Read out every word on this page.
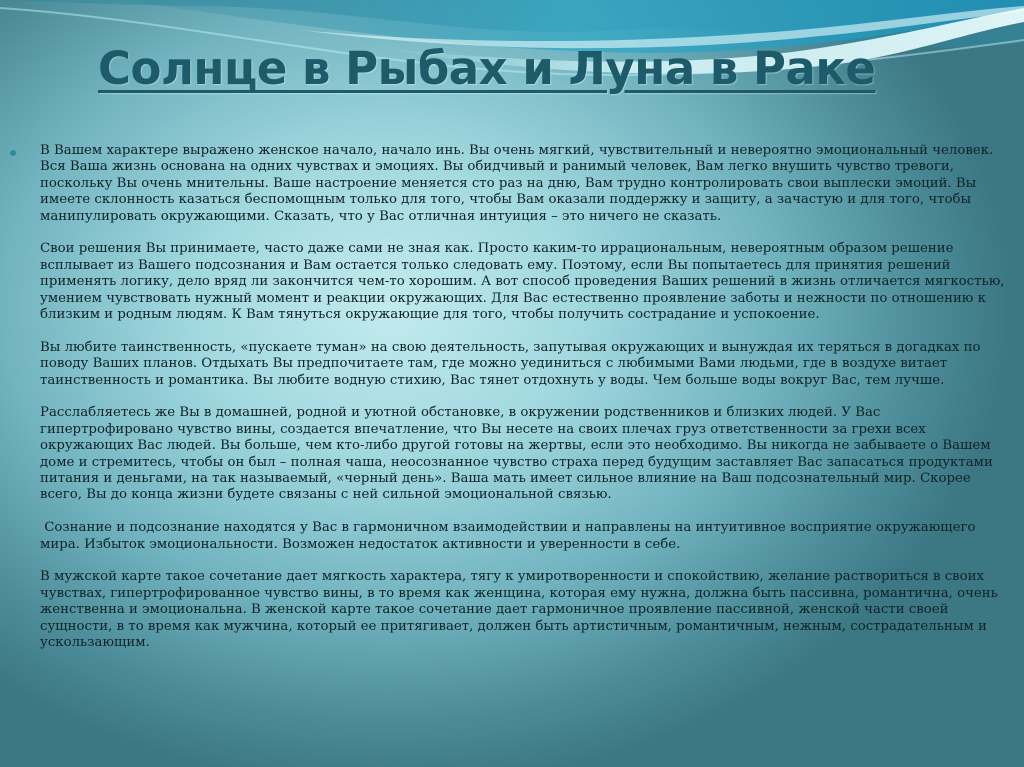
Солнце в Рыбах и Луна в Раке

В Вашем характере выражено женское начало, начало инь. Вы очень мягкий, чувствительный и невероятно эмоциональный человек. Вся Ваша жизнь основана на одних чувствах и эмоциях. Вы обидчивый и ранимый человек, Вам легко внушить чувство тревоги, поскольку Вы очень мнительны. Ваше настроение меняется сто раз на дню, Вам трудно контролировать свои выплески эмоций. Вы имеете склонность казаться беспомощным только для того, чтобы Вам оказали поддержку и защиту, а зачастую и для того, чтобы манипулировать окружающими. Сказать, что у Вас отличная интуиция – это ничего не сказать.

Свои решения Вы принимаете, часто даже сами не зная как. Просто каким-то иррациональным, невероятным образом решение всплывает из Вашего подсознания и Вам остается только следовать ему. Поэтому, если Вы попытаетесь для принятия решений применять логику, дело вряд ли закончится чем-то хорошим. А вот способ проведения Ваших решений в жизнь отличается мягкостью, умением чувствовать нужный момент и реакции окружающих. Для Вас естественно проявление заботы и нежности по отношению к близким и родным людям. К Вам тянуться окружающие для того, чтобы получить сострадание и успокоение.

Вы любите таинственность, «пускаете туман» на свою деятельность, запутывая окружающих и вынуждая их теряться в догадках по поводу Ваших планов. Отдыхать Вы предпочитаете там, где можно уединиться с любимыми Вами людьми, где в воздухе витает таинственность и романтика. Вы любите водную стихию, Вас тянет отдохнуть у воды. Чем больше воды вокруг Вас, тем лучше.

Расслабляетесь же Вы в домашней, родной и уютной обстановке, в окружении родственников и близких людей. У Вас гипертрофировано чувство вины, создается впечатление, что Вы несете на своих плечах груз ответственности за грехи всех окружающих Вас людей. Вы больше, чем кто-либо другой готовы на жертвы, если это необходимо. Вы никогда не забываете о Вашем доме и стремитесь, чтобы он был – полная чаша, неосознанное чувство страха перед будущим заставляет Вас запасаться продуктами питания и деньгами, на так называемый, «черный день». Ваша мать имеет сильное влияние на Ваш подсознательный мир. Скорее всего, Вы до конца жизни будете связаны с ней сильной эмоциональной связью.

Сознание и подсознание находятся у Вас в гармоничном взаимодействии и направлены на интуитивное восприятие окружающего мира. Избыток эмоциональности. Возможен недостаток активности и уверенности в себе.

В мужской карте такое сочетание дает мягкость характера, тягу к умиротворенности и спокойствию, желание раствориться в своих чувствах, гипертрофированное чувство вины, в то время как женщина, которая ему нужна, должна быть пассивна, романтична, очень женственна и эмоциональна. В женской карте такое сочетание дает гармоничное проявление пассивной, женской части своей сущности, в то время как мужчина, который ее притягивает, должен быть артистичным, романтичным, нежным, сострадательным и ускользающим.
